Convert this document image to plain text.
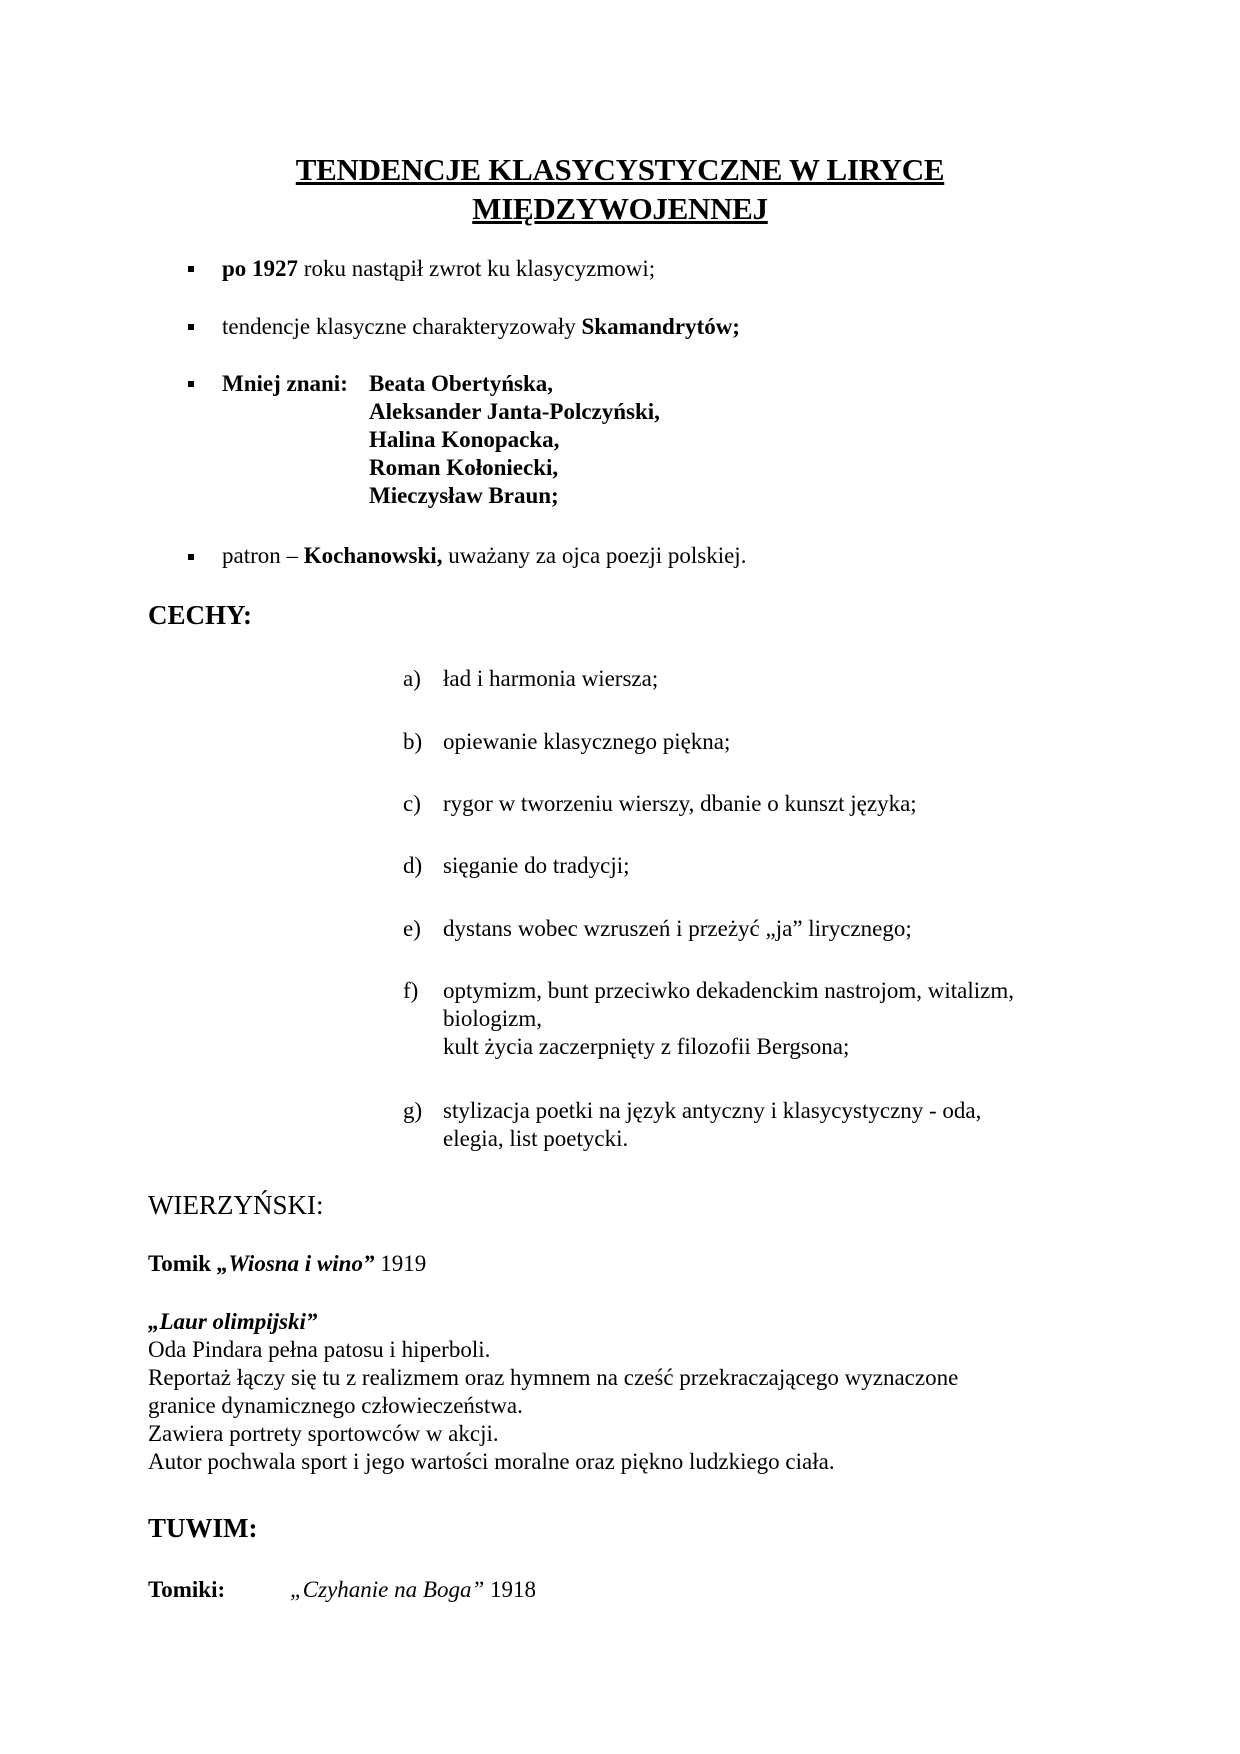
TENDENCJE KLASYCYSTYCZNE W LIRYCE
MIĘDZYWOJENNEJ
po 1927 roku nastąpił zwrot ku klasycyzmowi;
tendencje klasyczne charakteryzowały Skamandrytów;
Mniej znani: Beata Obertyńska,
Aleksander Janta-Polczyński,
Halina Konopacka,
Roman Kołoniecki,
Mieczysław Braun;
patron – Kochanowski, uważany za ojca poezji polskiej.
CECHY:
a) ład i harmonia wiersza;
b) opiewanie klasycznego piękna;
c) rygor w tworzeniu wierszy, dbanie o kunszt języka;
d) sięganie do tradycji;
e) dystans wobec wzruszeń i przeżyć „ja” lirycznego;
f) optymizm, bunt przeciwko dekadenckim nastrojom, witalizm,
biologizm,
kult życia zaczerpnięty z filozofii Bergsona;
g) stylizacja poetki na język antyczny i klasycystyczny - oda,
elegia, list poetycki.
WIERZYŃSKI:
Tomik „Wiosna i wino” 1919

„Laur olimpijski”

Oda Pindara pełna patosu i hiperboli.

Reportaż łączy się tu z realizmem oraz hymnem na cześć przekraczającego wyznaczone

granice dynamicznego człowieczeństwa.

Zawiera portrety sportowców w akcji.

Autor pochwala sport i jego wartości moralne oraz piękno ludzkiego ciała.

TUWIM:
Tomiki:	„Czyhanie na Boga” 1918
